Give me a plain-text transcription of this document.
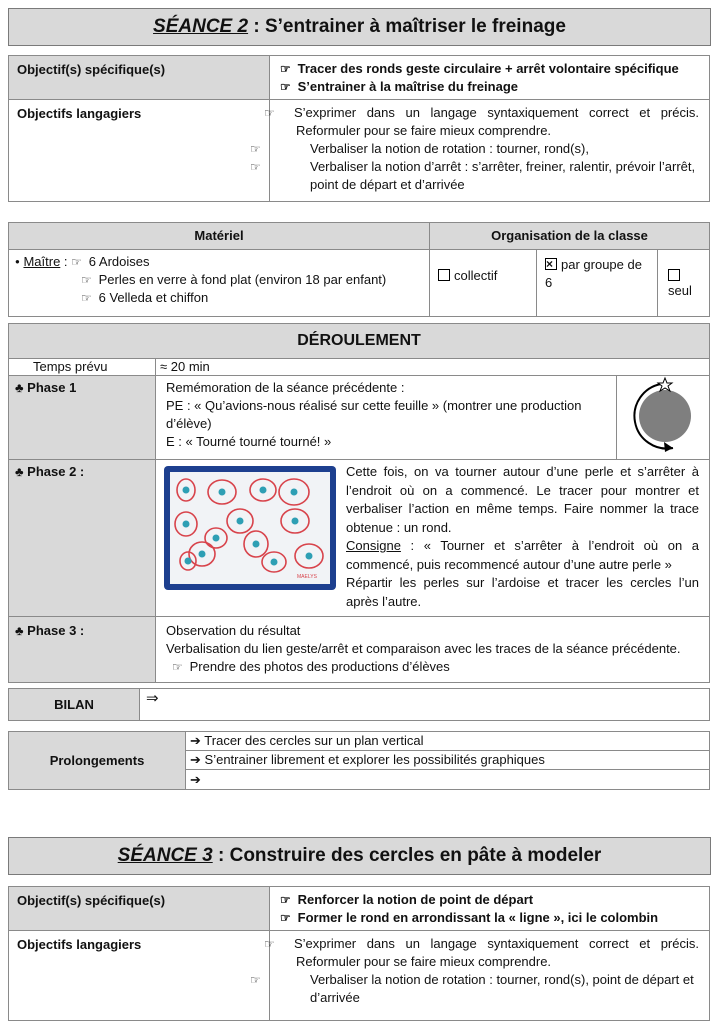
SÉANCE 2 : S’entrainer à maîtriser le freinage
Objectif(s) spécifique(s)	☞ Tracer des ronds geste circulaire + arrêt volontaire spécifique
☞ S’entrainer à la maîtrise du freinage

Objectifs langagiers	☞ S’exprimer dans un langage syntaxiquement correct et précis. Reformuler pour se faire mieux comprendre.
☞ Verbaliser la notion de rotation : tourner, rond(s),
☞ Verbaliser la notion d’arrêt : s’arrêter, freiner, ralentir, prévoir l’arrêt, point de départ et d’arrivée
Matériel	Organisation de la classe		

● Maître : ☞ 6 Ardoises
☞ Perles en verre à fond plat (environ 18 par enfant)
☞ 6 Velleda et chiffon	collectif	×par groupe de 6	seul
DÉROULEMENT		
Temps prévu	≈ 20 min	
♣ Phase 1	Remémoration de la séance précédente :
PE : « Qu’avions-nous réalisé sur cette feuille » (montrer une production d’élève)
E : « Tourné tourné tourné! »

♣ Phase 2 :	MAELYS
Cette fois, on va tourner autour d’une perle et s’arrêter à l’endroit où on a commencé. Le tracer pour montrer et verbaliser l’action en même temps. Faire nommer la trace obtenue : un rond.
Consigne : « Tourner et s’arrêter à l’endroit où on a commencé, puis recommencé autour d’une autre perle »
Répartir les perles sur l’ardoise et tracer les cercles l’un après l’autre.	

♣ Phase 3 :	Observation du résultat
Verbalisation du lien geste/arrêt et comparaison avec les traces de la séance précédente.
☞ Prendre des photos des productions d’élèves	
BILAN	⇒
Prolongements	
➔ Tracer des cercles sur un plan vertical
➔ S’entrainer librement et explorer les possibilités graphiques
➔
SÉANCE 3 : Construire des cercles en pâte à modeler
Objectif(s) spécifique(s)	☞ Renforcer la notion de point de départ
☞ Former le rond en arrondissant la « ligne », ici le colombin

Objectifs langagiers	☞ S’exprimer dans un langage syntaxiquement correct et précis. Reformuler pour se faire mieux comprendre.
☞ Verbaliser la notion de rotation : tourner, rond(s), point de départ et d’arrivée
